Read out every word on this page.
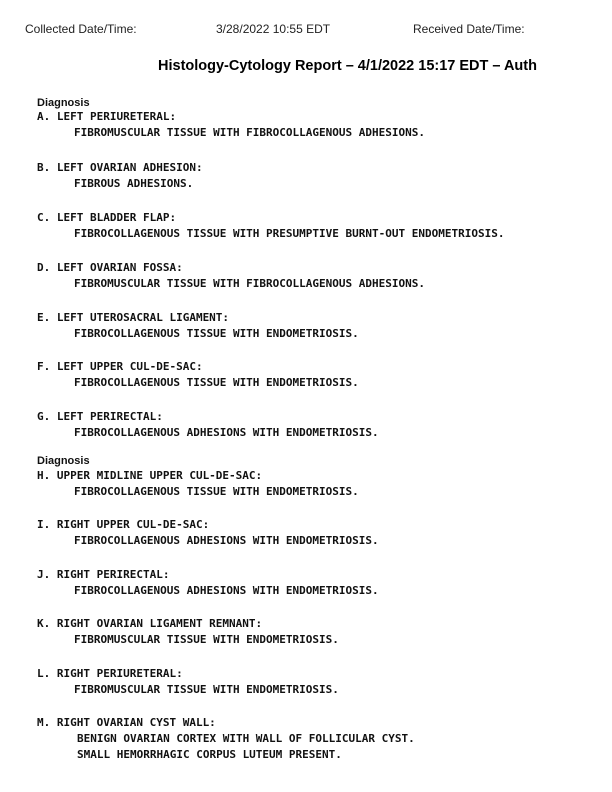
Collected Date/Time:	3/28/2022 10:55 EDT	Received Date/Time:
Histology-Cytology Report – 4/1/2022 15:17 EDT – Auth
Diagnosis
Diagnosis
A. LEFT PERIURETERAL:
FIBROMUSCULAR TISSUE WITH FIBROCOLLAGENOUS ADHESIONS.
B. LEFT OVARIAN ADHESION:
FIBROUS ADHESIONS.
C. LEFT BLADDER FLAP:
FIBROCOLLAGENOUS TISSUE WITH PRESUMPTIVE BURNT-OUT ENDOMETRIOSIS.
D. LEFT OVARIAN FOSSA:
FIBROMUSCULAR TISSUE WITH FIBROCOLLAGENOUS ADHESIONS.
E. LEFT UTEROSACRAL LIGAMENT:
FIBROCOLLAGENOUS TISSUE WITH ENDOMETRIOSIS.
F. LEFT UPPER CUL-DE-SAC:
FIBROCOLLAGENOUS TISSUE WITH ENDOMETRIOSIS.
G. LEFT PERIRECTAL:
FIBROCOLLAGENOUS ADHESIONS WITH ENDOMETRIOSIS.
H. UPPER MIDLINE UPPER CUL-DE-SAC:
FIBROCOLLAGENOUS TISSUE WITH ENDOMETRIOSIS.
I. RIGHT UPPER CUL-DE-SAC:
FIBROCOLLAGENOUS ADHESIONS WITH ENDOMETRIOSIS.
J. RIGHT PERIRECTAL:
FIBROCOLLAGENOUS ADHESIONS WITH ENDOMETRIOSIS.
K. RIGHT OVARIAN LIGAMENT REMNANT:
FIBROMUSCULAR TISSUE WITH ENDOMETRIOSIS.
L. RIGHT PERIURETERAL:
FIBROMUSCULAR TISSUE WITH ENDOMETRIOSIS.
M. RIGHT OVARIAN CYST WALL:
BENIGN OVARIAN CORTEX WITH WALL OF FOLLICULAR CYST.
SMALL HEMORRHAGIC CORPUS LUTEUM PRESENT.
